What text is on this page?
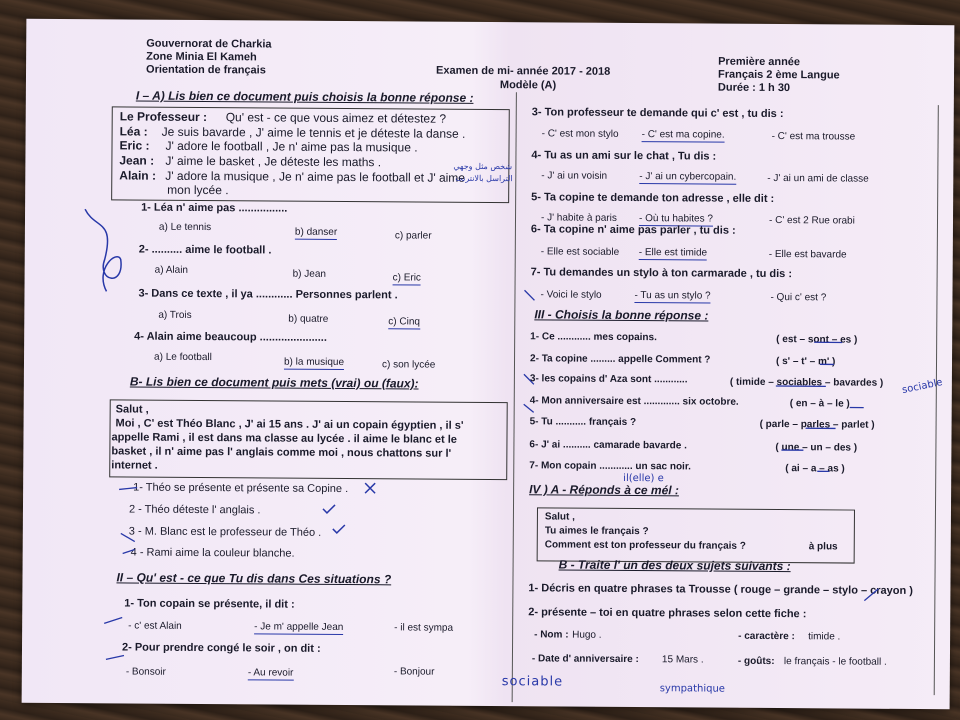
Gouvernorat de Charkia
Zone Minia El Kameh
Orientation de français	Examen de mi- année 2017 - 2018
Modèle (A)
Première année
Français 2 ème Langue
Durée : 1 h 30
I – A) Lis bien ce document puis choisis la bonne réponse :
Le Professeur : Qu' est - ce que vous aimez et détestez ?
Léa : Je suis bavarde , J' aime le tennis et je déteste la danse .
Eric : J' adore le football , Je n' aime pas la musique .
Jean : J' aime le basket , Je déteste les maths .
Alain : J' adore la musique , Je n' aime pas le football et J' aime
mon lycée .
1- Léa n' aime pas ................
a) Le tennis	b) danser	c) parler
2- .......... aime le football .
a) Alain	b) Jean	c) Eric
3- Dans ce texte , il ya ............ Personnes parlent .
a) Trois	b) quatre	c) Cinq
4- Alain aime beaucoup ......................
a) Le football	b) la musique	c) son lycée
B- Lis bien ce document puis mets (vrai) ou (faux):
Salut ,
Moi , C' est Théo Blanc , J' ai 15 ans . J' ai un copain égyptien , il s'
appelle Rami , il est dans ma classe au lycée . il aime le blanc et le
basket , il n' aime pas l' anglais comme moi , nous chattons sur l'
internet .
1- Théo se présente et présente sa Copine .
2 - Théo déteste l' anglais .
3 - M. Blanc est le professeur de Théo .
4 - Rami aime la couleur blanche.
II – Qu' est - ce que Tu dis dans Ces situations ?
1- Ton copain se présente, il dit :
- c' est Alain	- Je m' appelle Jean	- il est sympa
2- Pour prendre congé le soir , on dit :
- Bonsoir	- Au revoir	- Bonjour
3- Ton professeur te demande qui c' est , tu dis :
- C' est mon stylo - C' est ma copine.	- C' est ma trousse
4- Tu as un ami sur le chat , Tu dis :
- J' ai un voisin	- J' ai un cybercopain.	- J' ai un ami de classe
5- Ta copine te demande ton adresse , elle dit :
- J' habite à paris - Où tu habites ?	- C' est 2 Rue orabi
6- Ta copine n' aime pas parler , tu dis :
- Elle est sociable - Elle est timide	- Elle est bavarde
7- Tu demandes un stylo à ton carmarade , tu dis :
- Voici le stylo	- Tu as un stylo ?	- Qui c' est ?
III - Choisis la bonne réponse :
1- Ce ............ mes copains.	( est – sont – es )
2- Ta copine ......... appelle Comment ?	( s' – t' – m' )
3- les copains d' Aza sont ............	( timide – sociables – bavardes )
4- Mon anniversaire est ............. six octobre.	( en – à – le )
5- Tu ........... français ?	( parle – parles – parlet )
6- J' ai .......... camarade bavarde .	( une – un – des )
7- Mon copain ............ un sac noir.	( ai – a – as )
IV ) A - Réponds à ce mél :
Salut ,
Tu aimes le français ?
Comment est ton professeur du français ?	à plus
B - Traite l' un des deux sujets suivants :
1- Décris en quatre phrases ta Trousse ( rouge – grande – stylo – crayon )
2- présente – toi en quatre phrases selon cette fiche :
- Nom : Hugo .	- caractère : timide .
- Date d' anniversaire : 15 Mars .	- goûts: le français - le football .
sociable	sympathique
sociable
il(elle) e
شخص مثل وجهي
التراسل بالانترنت
